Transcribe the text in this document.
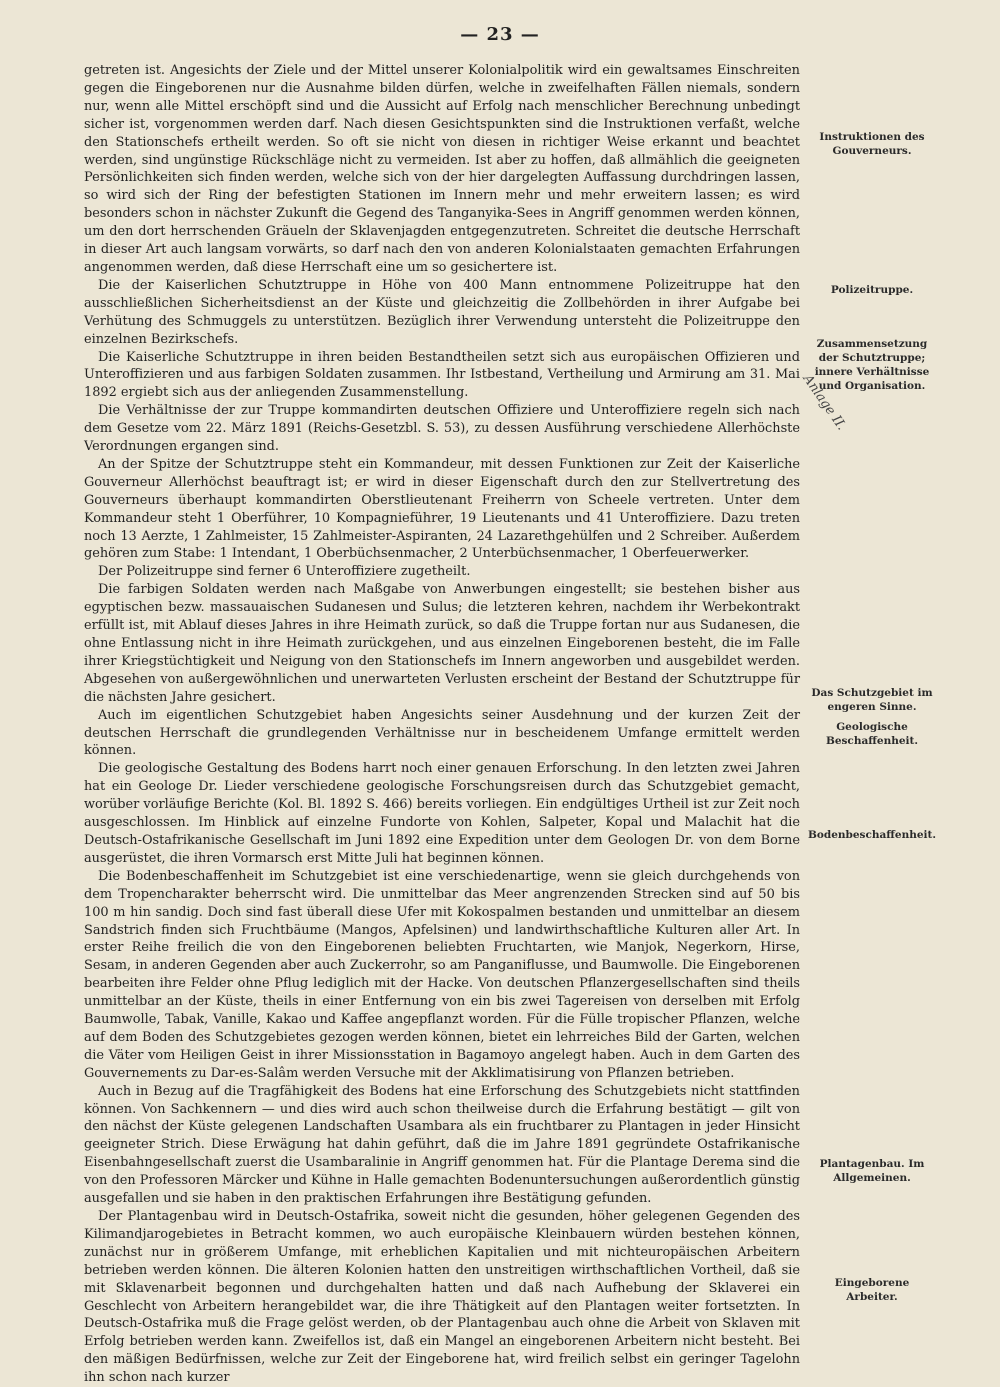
— 23 —

getreten ist. Angesichts der Ziele und der Mittel unserer Kolonialpolitik wird ein gewaltsames Einschreiten gegen die Eingeborenen nur die Ausnahme bilden dürfen, welche in zweifelhaften Fällen niemals, sondern nur, wenn alle Mittel erschöpft sind und die Aussicht auf Erfolg nach menschlicher Berechnung unbedingt sicher ist, vorgenommen werden darf. Nach diesen Gesichtspunkten sind die Instruktionen verfaßt, welche den Stationschefs ertheilt werden. So oft sie nicht von diesen in richtiger Weise erkannt und beachtet werden, sind ungünstige Rückschläge nicht zu vermeiden. Ist aber zu hoffen, daß allmählich die geeigneten Persönlichkeiten sich finden werden, welche sich von der hier dargelegten Auffassung durchdringen lassen, so wird sich der Ring der befestigten Stationen im Innern mehr und mehr erweitern lassen; es wird besonders schon in nächster Zukunft die Gegend des Tanganyika-Sees in Angriff genommen werden können, um den dort herrschenden Gräueln der Sklavenjagden entgegenzutreten. Schreitet die deutsche Herrschaft in dieser Art auch langsam vorwärts, so darf nach den von anderen Kolonialstaaten gemachten Erfahrungen angenommen werden, daß diese Herrschaft eine um so gesichertere ist.

Die der Kaiserlichen Schutztruppe in Höhe von 400 Mann entnommene Polizeitruppe hat den ausschließlichen Sicherheitsdienst an der Küste und gleichzeitig die Zollbehörden in ihrer Aufgabe bei Verhütung des Schmuggels zu unterstützen. Bezüglich ihrer Verwendung untersteht die Polizeitruppe den einzelnen Bezirkschefs.

Die Kaiserliche Schutztruppe in ihren beiden Bestandtheilen setzt sich aus europäischen Offizieren und Unteroffizieren und aus farbigen Soldaten zusammen. Ihr Istbestand, Vertheilung und Armirung am 31. Mai 1892 ergiebt sich aus der anliegenden Zusammenstellung.

Die Verhältnisse der zur Truppe kommandirten deutschen Offiziere und Unteroffiziere regeln sich nach dem Gesetze vom 22. März 1891 (Reichs-Gesetzbl. S. 53), zu dessen Ausführung verschiedene Allerhöchste Verordnungen ergangen sind.

An der Spitze der Schutztruppe steht ein Kommandeur, mit dessen Funktionen zur Zeit der Kaiserliche Gouverneur Allerhöchst beauftragt ist; er wird in dieser Eigenschaft durch den zur Stellvertretung des Gouverneurs überhaupt kommandirten Oberstlieutenant Freiherrn von Scheele vertreten. Unter dem Kommandeur steht 1 Oberführer, 10 Kompagnieführer, 19 Lieutenants und 41 Unteroffiziere. Dazu treten noch 13 Aerzte, 1 Zahlmeister, 15 Zahlmeister-Aspiranten, 24 Lazarethgehülfen und 2 Schreiber. Außerdem gehören zum Stabe: 1 Intendant, 1 Oberbüchsenmacher, 2 Unterbüchsenmacher, 1 Oberfeuerwerker.

Der Polizeitruppe sind ferner 6 Unteroffiziere zugetheilt.

Die farbigen Soldaten werden nach Maßgabe von Anwerbungen eingestellt; sie bestehen bisher aus egyptischen bezw. massauaischen Sudanesen und Sulus; die letzteren kehren, nachdem ihr Werbekontrakt erfüllt ist, mit Ablauf dieses Jahres in ihre Heimath zurück, so daß die Truppe fortan nur aus Sudanesen, die ohne Entlassung nicht in ihre Heimath zurückgehen, und aus einzelnen Eingeborenen besteht, die im Falle ihrer Kriegstüchtigkeit und Neigung von den Stationschefs im Innern angeworben und ausgebildet werden. Abgesehen von außergewöhnlichen und unerwarteten Verlusten erscheint der Bestand der Schutztruppe für die nächsten Jahre gesichert.

Auch im eigentlichen Schutzgebiet haben Angesichts seiner Ausdehnung und der kurzen Zeit der deutschen Herrschaft die grundlegenden Verhältnisse nur in bescheidenem Umfange ermittelt werden können.

Die geologische Gestaltung des Bodens harrt noch einer genauen Erforschung. In den letzten zwei Jahren hat ein Geologe Dr. Lieder verschiedene geologische Forschungsreisen durch das Schutzgebiet gemacht, worüber vorläufige Berichte (Kol. Bl. 1892 S. 466) bereits vorliegen. Ein endgültiges Urtheil ist zur Zeit noch ausgeschlossen. Im Hinblick auf einzelne Fundorte von Kohlen, Salpeter, Kopal und Malachit hat die Deutsch-Ostafrikanische Gesellschaft im Juni 1892 eine Expedition unter dem Geologen Dr. von dem Borne ausgerüstet, die ihren Vormarsch erst Mitte Juli hat beginnen können.

Die Bodenbeschaffenheit im Schutzgebiet ist eine verschiedenartige, wenn sie gleich durchgehends von dem Tropencharakter beherrscht wird. Die unmittelbar das Meer angrenzenden Strecken sind auf 50 bis 100 m hin sandig. Doch sind fast überall diese Ufer mit Kokospalmen bestanden und unmittelbar an diesem Sandstrich finden sich Fruchtbäume (Mangos, Apfelsinen) und landwirthschaftliche Kulturen aller Art. In erster Reihe freilich die von den Eingeborenen beliebten Fruchtarten, wie Manjok, Negerkorn, Hirse, Sesam, in anderen Gegenden aber auch Zuckerrohr, so am Panganiflusse, und Baumwolle. Die Eingeborenen bearbeiten ihre Felder ohne Pflug lediglich mit der Hacke. Von deutschen Pflanzergesellschaften sind theils unmittelbar an der Küste, theils in einer Entfernung von ein bis zwei Tagereisen von derselben mit Erfolg Baumwolle, Tabak, Vanille, Kakao und Kaffee angepflanzt worden. Für die Fülle tropischer Pflanzen, welche auf dem Boden des Schutzgebietes gezogen werden können, bietet ein lehrreiches Bild der Garten, welchen die Väter vom Heiligen Geist in ihrer Missionsstation in Bagamoyo angelegt haben. Auch in dem Garten des Gouvernements zu Dar-es-Salâm werden Versuche mit der Akklimatisirung von Pflanzen betrieben.

Auch in Bezug auf die Tragfähigkeit des Bodens hat eine Erforschung des Schutzgebiets nicht stattfinden können. Von Sachkennern — und dies wird auch schon theilweise durch die Erfahrung bestätigt — gilt von den nächst der Küste gelegenen Landschaften Usambara als ein fruchtbarer zu Plantagen in jeder Hinsicht geeigneter Strich. Diese Erwägung hat dahin geführt, daß die im Jahre 1891 gegründete Ostafrikanische Eisenbahngesellschaft zuerst die Usambaralinie in Angriff genommen hat. Für die Plantage Derema sind die von den Professoren Märcker und Kühne in Halle gemachten Bodenuntersuchungen außerordentlich günstig ausgefallen und sie haben in den praktischen Erfahrungen ihre Bestätigung gefunden.

Der Plantagenbau wird in Deutsch-Ostafrika, soweit nicht die gesunden, höher gelegenen Gegenden des Kilimandjarogebietes in Betracht kommen, wo auch europäische Kleinbauern würden bestehen können, zunächst nur in größerem Umfange, mit erheblichen Kapitalien und mit nichteuropäischen Arbeitern betrieben werden können. Die älteren Kolonien hatten den unstreitigen wirthschaftlichen Vortheil, daß sie mit Sklavenarbeit begonnen und durchgehalten hatten und daß nach Aufhebung der Sklaverei ein Geschlecht von Arbeitern herangebildet war, die ihre Thätigkeit auf den Plantagen weiter fortsetzten. In Deutsch-Ostafrika muß die Frage gelöst werden, ob der Plantagenbau auch ohne die Arbeit von Sklaven mit Erfolg betrieben werden kann. Zweifellos ist, daß ein Mangel an eingeborenen Arbeitern nicht besteht. Bei den mäßigen Bedürfnissen, welche zur Zeit der Eingeborene hat, wird freilich selbst ein geringer Tagelohn ihn schon nach kurzer

Instruktionen des Gouverneurs.
Polizeitruppe.
Zusammensetzung der Schutztruppe; innere Verhältnisse und Organisation.
Anlage II.
Das Schutzgebiet im engeren Sinne.
Geologische Beschaffenheit.
Bodenbeschaffenheit.
Plantagenbau. Im Allgemeinen.
Eingeborene Arbeiter.
